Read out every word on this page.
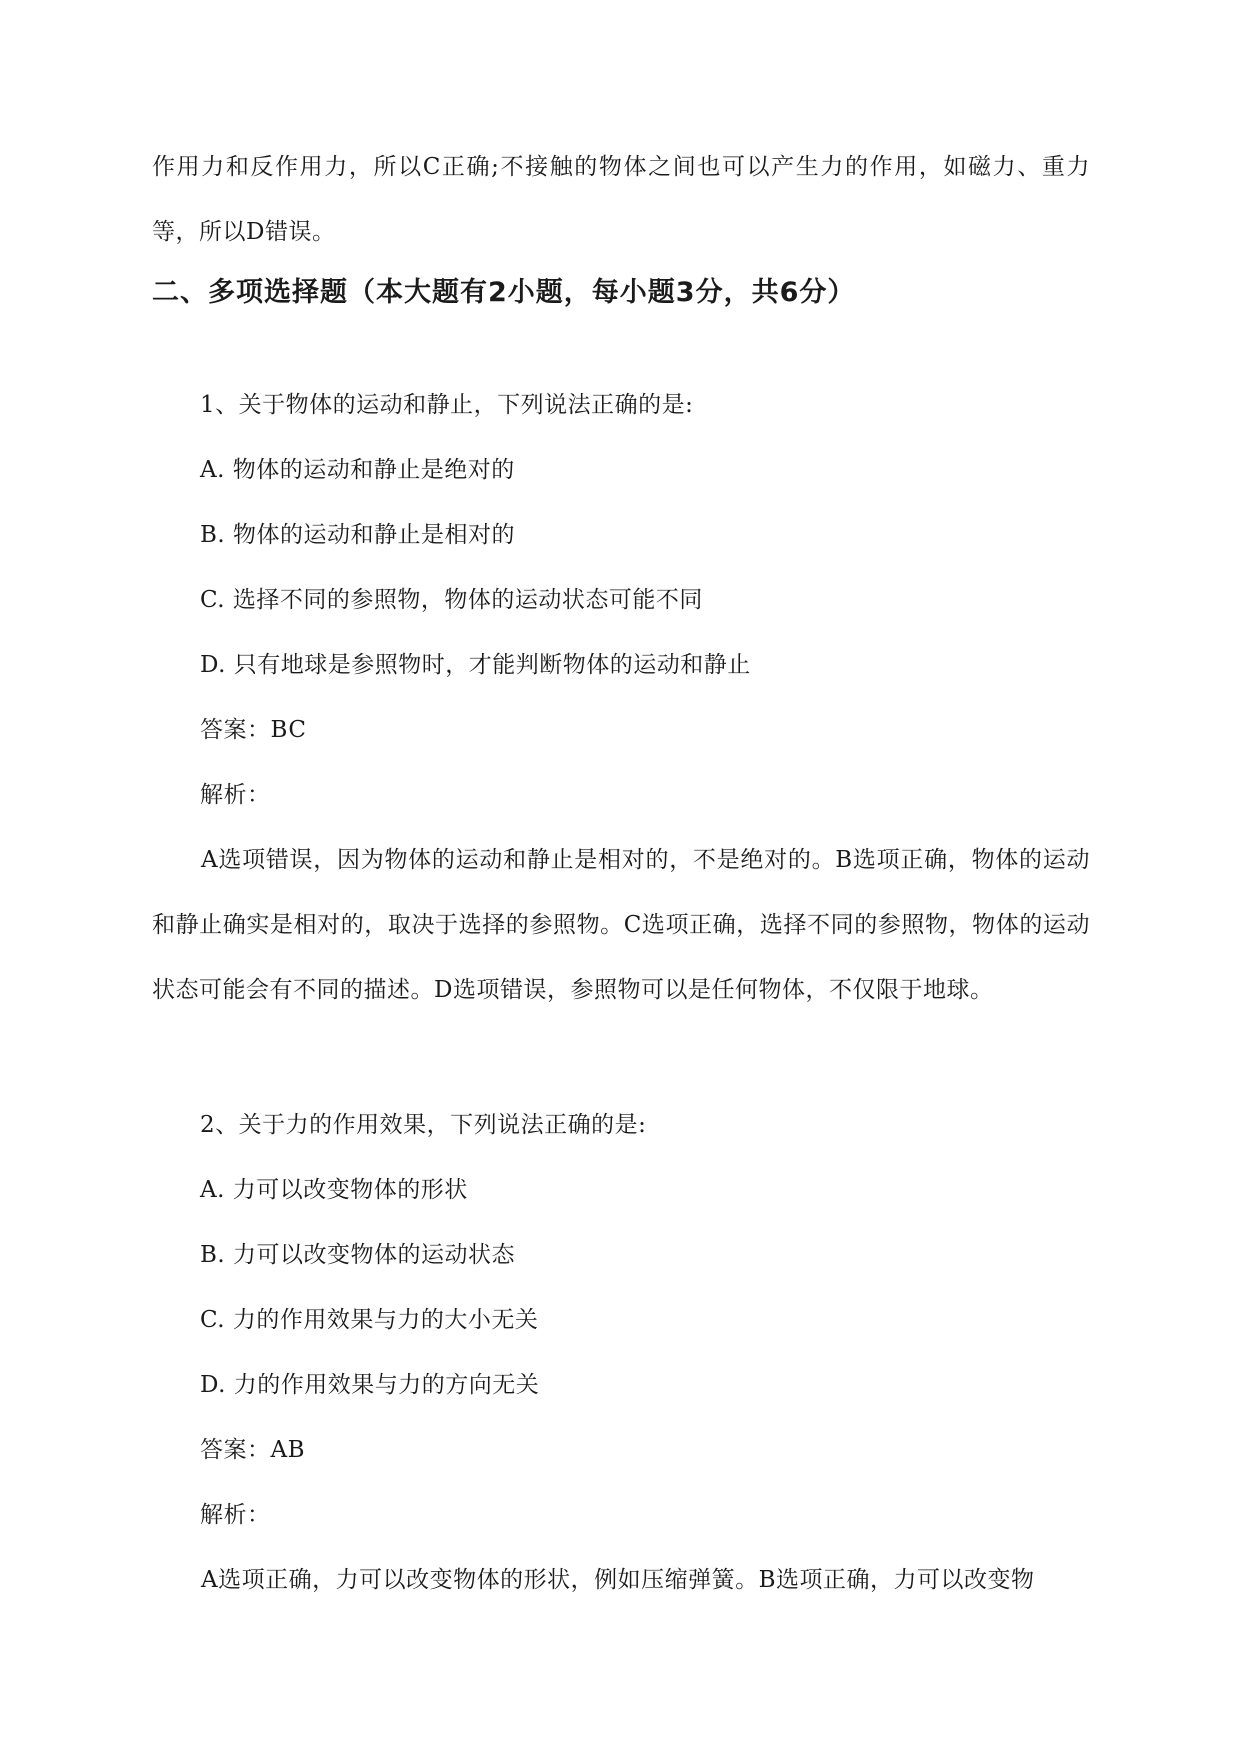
作用力和反作用力，所以C正确;不接触的物体之间也可以产生力的作用，如磁力、重力等，所以D错误。

二、多项选择题（本大题有2小题，每小题3分，共6分）

1、关于物体的运动和静止，下列说法正确的是:

A. 物体的运动和静止是绝对的

B. 物体的运动和静止是相对的

C. 选择不同的参照物，物体的运动状态可能不同

D. 只有地球是参照物时，才能判断物体的运动和静止

答案：BC

解析：

A选项错误，因为物体的运动和静止是相对的，不是绝对的。B选项正确，物体的运动和静止确实是相对的，取决于选择的参照物。C选项正确，选择不同的参照物，物体的运动状态可能会有不同的描述。D选项错误，参照物可以是任何物体，不仅限于地球。

2、关于力的作用效果，下列说法正确的是:

A. 力可以改变物体的形状

B. 力可以改变物体的运动状态

C. 力的作用效果与力的大小无关

D. 力的作用效果与力的方向无关

答案：AB

解析：

A选项正确，力可以改变物体的形状，例如压缩弹簧。B选项正确，力可以改变物
